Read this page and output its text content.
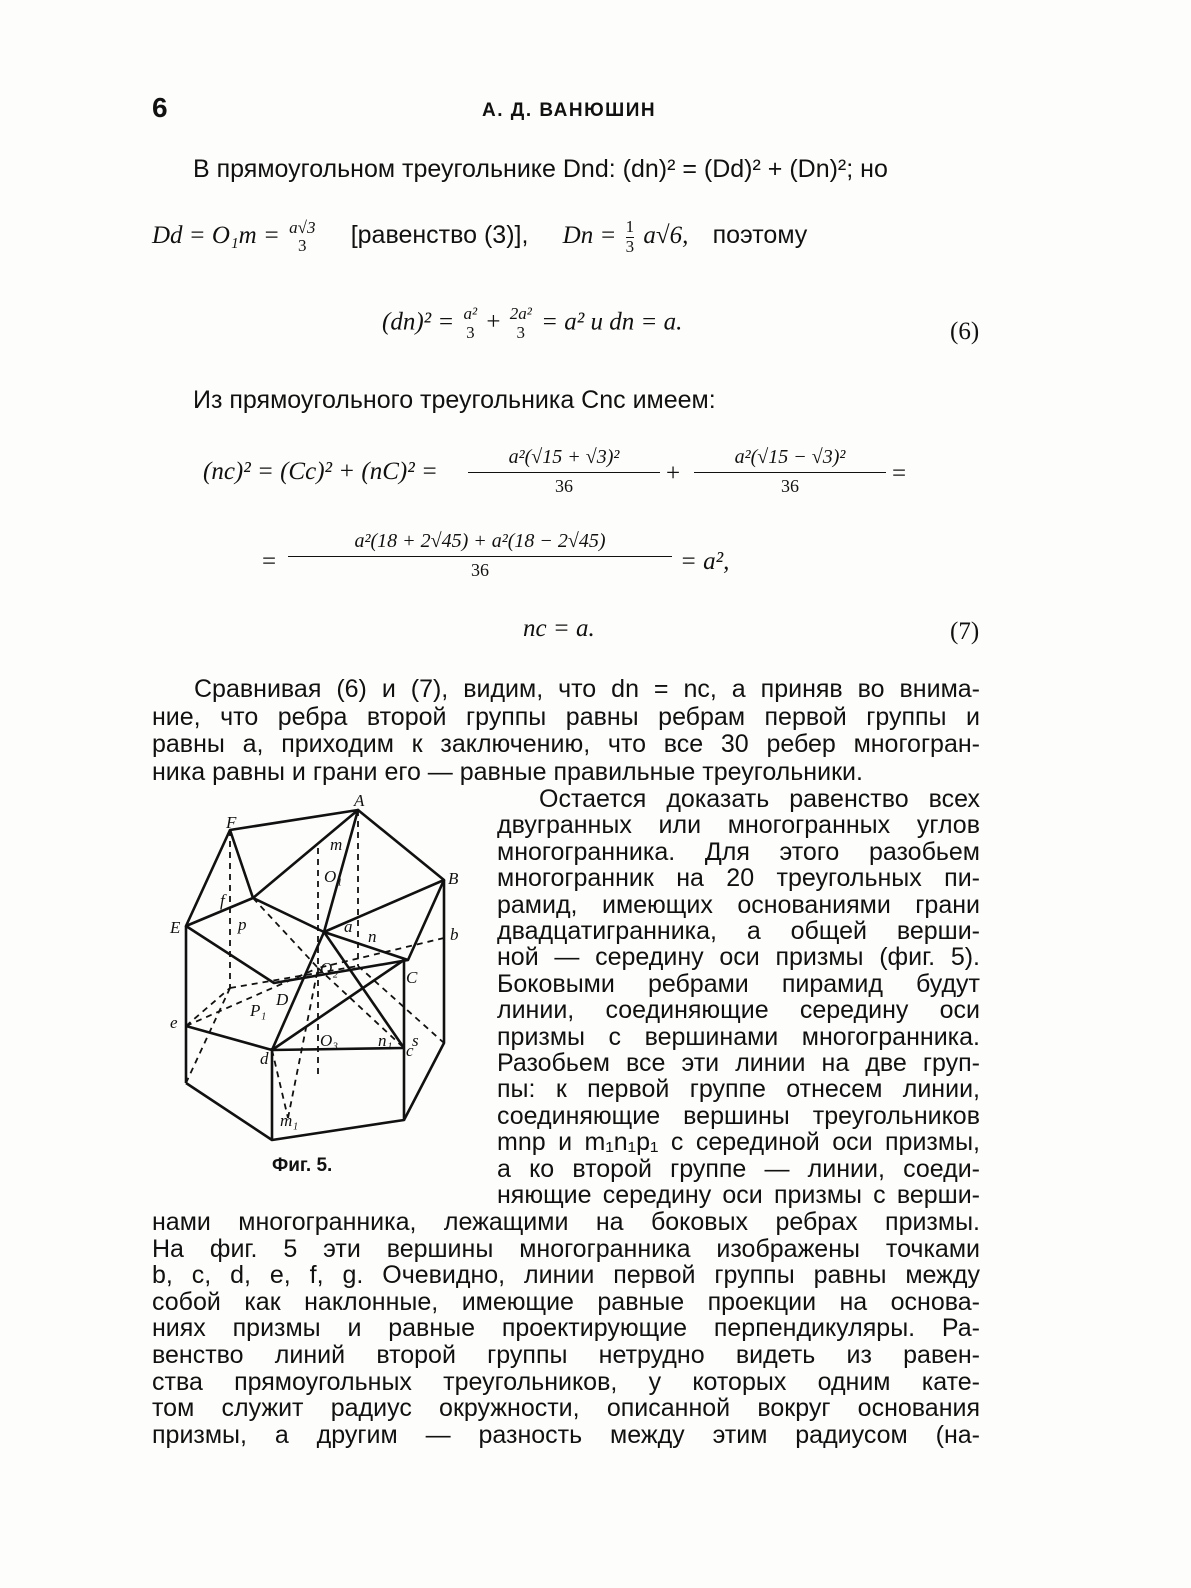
6	А. Д. ВАНЮШИН
В прямоугольном треугольнике Dnd: (dn)² = (Dd)² + (Dn)²; но
Dd = O₁m = a√3
3	[равенство (3)], $Dn = \frac{1}{3} a√6$, поэтому
(dn)² = a²
3 + 2a²
3 = a² и dn = a.	(6)
Из прямоугольного треугольника Cnc имеем:
(nc)² = (Cc)² + (nC)² =
a²(√15 + √3)²
36	+
a²(√15 − √3)²
36	=
=
a²(18 + 2√45) + a²(18 − 2√45)
36	= a²,
nc = a.	(7)
Сравнивая (6) и (7), видим, что dn = nc, а приняв во внима-
ние, что ребра второй группы равны ребрам первой группы и
равны a, приходим к заключению, что все 30 ребер многогран-
ника равны и грани его — равные правильные треугольники.
Остается доказать равенство всех
двугранных или многогранных углов
многогранника. Для этого разобьем
многогранник на 20 треугольных пи-
рамид, имеющих основаниями грани
двадцатигранника, а общей верши-
ной — середину оси призмы (фиг. 5).
Боковыми ребрами пирамид будут
линии, соединяющие середину оси
призмы с вершинами многогранника.
Разобьем все эти линии на две груп-
пы: к первой группе отнесем линии,
соединяющие вершины треугольников
mnp и m₁n₁p₁ с серединой оси призмы,
а ко второй группе — линии, соеди-
няющие середину оси призмы с верши-
нами многогранника, лежащими на боковых ребрах призмы.
На фиг. 5 эти вершины многогранника изображены точками
b, c, d, e, f, g. Очевидно, линии первой группы равны между
собой как наклонные, имеющие равные проекции на основа-
ниях призмы и равные проектирующие перпендикуляры. Ра-
венство линий второй группы нетрудно видеть из равен-
ства прямоугольных треугольников, у которых одним кате-
том служит радиус окружности, описанной вокруг основания
призмы, а другим — разность между этим радиусом (на-
A
B
C
D
E
F
m
n
p
b
c
d
e
f
O₁
O₂
O₃
P₁
n₁ s
m₁
a
Фиг. 5.
